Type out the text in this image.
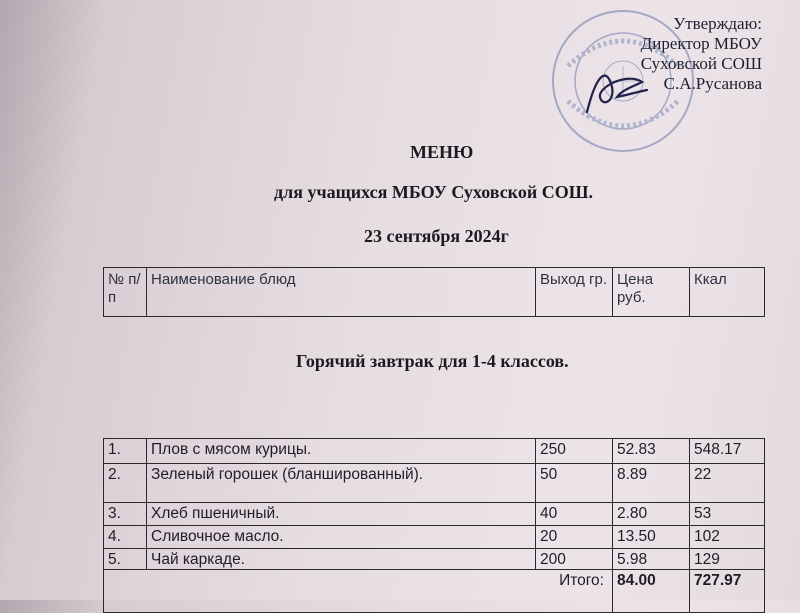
Утверждаю:
Директор МБОУ
Суховской СОШ
С.А.Русанова
МЕНЮ
для учащихся МБОУ Суховской СОШ.
23 сентября 2024г
№ п/п	Наименование блюд	Выход гр.	Цена руб.	Ккал
Горячий завтрак для 1-4 классов.
1.	Плов с мясом курицы.	250	52.83	548.17
2.	Зеленый горошек (бланшированный).	50	8.89	22
3.	Хлеб пшеничный.	40	2.80	53
4.	Сливочное масло.	20	13.50	102
5.	Чай каркаде.	200	5.98	129
Итого:			84.00	727.97
